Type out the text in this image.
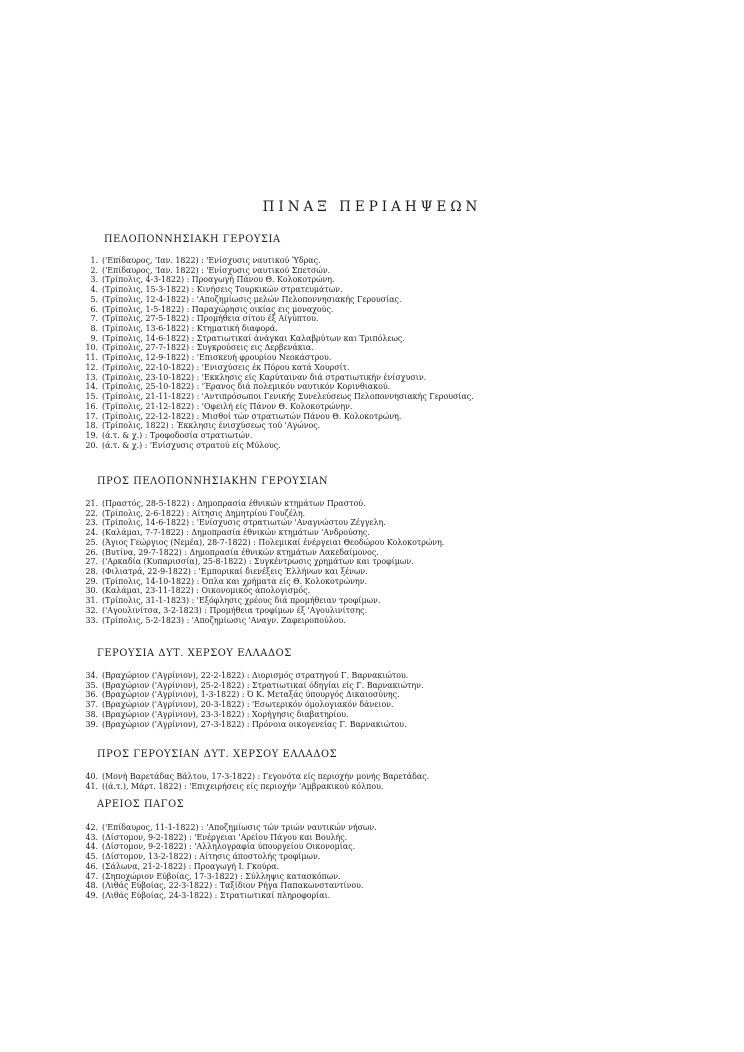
ΠΙΝΑΞ ΠΕΡΙΑΗΨΕΩΝ
ΠΕΛΟΠΟΝΝΗΣΙΑΚΗ ΓΕΡΟΥΣΙΑ
1. ('Επίδαυρος, 'Ιαν. 1822) : 'Ενίσχυσις ναυτικού Ύδρας.
2. ('Επίδαυρος, 'Ιαν. 1822) : 'Ενίσχυσις ναυτικού Σπετσών.
3. (Τρίπολις, 4-3-1822) : Προαγωγή Πάνου Θ. Κολοκοτρώνη.
4. (Τρίπολις, 15-3-1822) : Κινήσεις Τουρκικών στρατευμάτων.
5. (Τρίπολις, 12-4-1822) : 'Αποζημίωσις μελών Πελοποννησιακής Γερουσίας.
6. (Τρίπολις, 1-5-1822) : Παραχώρησις οικίας εις μοναχούς.
7. (Τρίπολις, 27-5-1822) : Προμήθεια σίτου έξ Αίγύπτου.
8. (Τρίπολις, 13-6-1822) : Κτηματική διαφορά.
9. (Τρίπολις, 14-6-1822) : Στρατιωτικαί άνάγκαι Καλαβρύτων και Τριπόλεως.
10. (Τρίπολις, 27-7-1822) : Συγκρούσεις εις Δερβενάκια.
11. (Τρίπολις, 12-9-1822) : 'Επισκευή φρουρίου Νεοκάστρου.
12. (Τρίπολις, 22-10-1822) : 'Ενισχύσεις έκ Πόρου κατά Χουρσίτ.
13. (Τρίπολις, 23-10-1822) : 'Εκκλησις είς Καρύταιναν διά στρατιωτικήν ένίσχυσιν.
14. (Τρίπολις, 25-10-1822) : 'Έρανος διά πολεμικόν ναυτικόν Κορινθιακού.
15. (Τρίπολις, 21-11-1822) : 'Αντιπρόσωποι Γενικής Συνελεύσεως Πελοποννησιακής Γερουσίας.
16. (Τρίπολις, 21-12-1822) : 'Οφειλή είς Πάνον Θ. Κολοκοτρώνην.
17. (Τρίπολις, 22-12-1822) : Μισθοί τών στρατιωτών Πάνου Θ. Κολοκοτρώνη.
18. (Τρίπολις, 1822) : Έκκλησις ένισχύσεως τού 'Αγώνος.
19. (ά.τ. & χ.) : Τροφοδοσία στρατιωτών.
20. (ά.τ. & χ.) : 'Ενίσχυσις στρατού είς Μύλους.
ΠΡΟΣ ΠΕΛΟΠΟΝΝΗΣΙΑΚΗΝ ΓΕΡΟΥΣΙΑΝ
21. (Πραστός, 28-5-1822) : Δημοπρασία έθνικών κτημάτων Πραστού.
22. (Τρίπολις, 2-6-1822) : Αίτησις Δημητρίου Γουζέλη.
23. (Τρίπολις, 14-6-1822) : 'Ενίσχυσις στρατιωτών 'Αναγνώστου Ζέγγελη.
24. (Καλάμαι, 7-7-1822) : Δημοπρασία έθνικών κτημάτων 'Ανδρούσης.
25. (Άγιος Γεώργιος (Νεμέα), 28-7-1822) : Πολεμικαί ένέργειαι Θεοδώρου Κολοκοτρώνη.
26. (Βυτίνα, 29-7-1822) : Δημοπρασία έθνικών κτημάτων Λακεδαίμονος.
27. ('Αρκαδία (Κυπαρισσία), 25-8-1822) : Συγκέντρωσις χρημάτων και τροφίμων.
28. (Φιλιατρά, 22-9-1822) : 'Εμπορικαί διενέξεις Έλλήνων και ξένων.
29. (Τρίπολις, 14-10-1822) : Όπλα και χρήματα είς Θ. Κολοκοτρώνην.
30. (Καλάμαι, 23-11-1822) : Οικονομικός άπολογισμός.
31. (Τρίπολις, 31-1-1823) : 'Εξόφλησις χρέους διά προμήθειαν τροφίμων.
32. ('Αγουλινίτσα, 3-2-1823) : Προμήθεια τροφίμων έξ 'Αγουλινίτσης.
33. (Τρίπολις, 5-2-1823) : 'Αποζημίωσις 'Αναγν. Ζαφειροπούλου.
ΓΕΡΟΥΣΙΑ ΔΥΤ. ΧΕΡΣΟΥ ΕΛΛΑΔΟΣ
34. (Βραχώριον ('Αγρίνιον), 22-2-1822) : Διορισμός στρατηγού Γ. Βαρνακιώτου.
35. (Βραχώριον ('Αγρίνιον), 25-2-1822) : Στρατιωτικαί όδηγίαι είς Γ. Βαρνακιώτην.
36. (Βραχώριον ('Αγρίνιον), 1-3-1822) : Ό Κ. Μεταξάς ύπουργός Δικαιοσύνης.
37. (Βραχώριον ('Αγρίνιον), 20-3-1822) : 'Εσωτερικόν όμολογιακόν δάνειον.
38. (Βραχώριον ('Αγρίνιον), 23-3-1822) : Χορήγησις διαβατηρίου.
39. (Βραχώριον ('Αγρίνιον), 27-3-1822) : Πρόνοια οικογενείας Γ. Βαρνακιώτου.
ΠΡΟΣ ΓΕΡΟΥΣΙΑΝ ΔΥΤ. ΧΕΡΣΟΥ ΕΛΛΑΔΟΣ
40. (Μονή Βαρετάδας Βάλτου, 17-3-1822) : Γεγονότα είς περιοχήν μονής Βαρετάδας.
41. ((ά.τ.), Μάρτ. 1822) : 'Επιχειρήσεις είς περιοχήν 'Αμβρακικού κόλπου.
ΑΡΕΙΟΣ ΠΑΓΟΣ
42. ('Επίδαυρος, 11-1-1822) : 'Αποζημίωσις τών τριών ναυτικών νήσων.
43. (Δίστομον, 9-2-1822) : 'Ενέργειαι 'Αρείου Πάγου και Βουλής.
44. (Δίστομον, 9-2-1822) : 'Αλληλογραφία ύπουργείου Οικονομίας.
45. (Δίστομον, 13-2-1822) : Αίτησις άποστολής τροφίμων.
46. (Σάλωνα, 21-2-1822) : Προαγωγή Ι. Γκούρα.
47. (Σηποχώριον Εύβοίας, 17-3-1822) : Σύλληψις κατασκόπων.
48. (Λιθάς Εύβοίας, 22-3-1822) : Ταξίδιον Ρήγα Παπακωνσταντίνου.
49. (Λιθάς Εύβοίας, 24-3-1822) : Στρατιωτικαί πληροφορίαι.
